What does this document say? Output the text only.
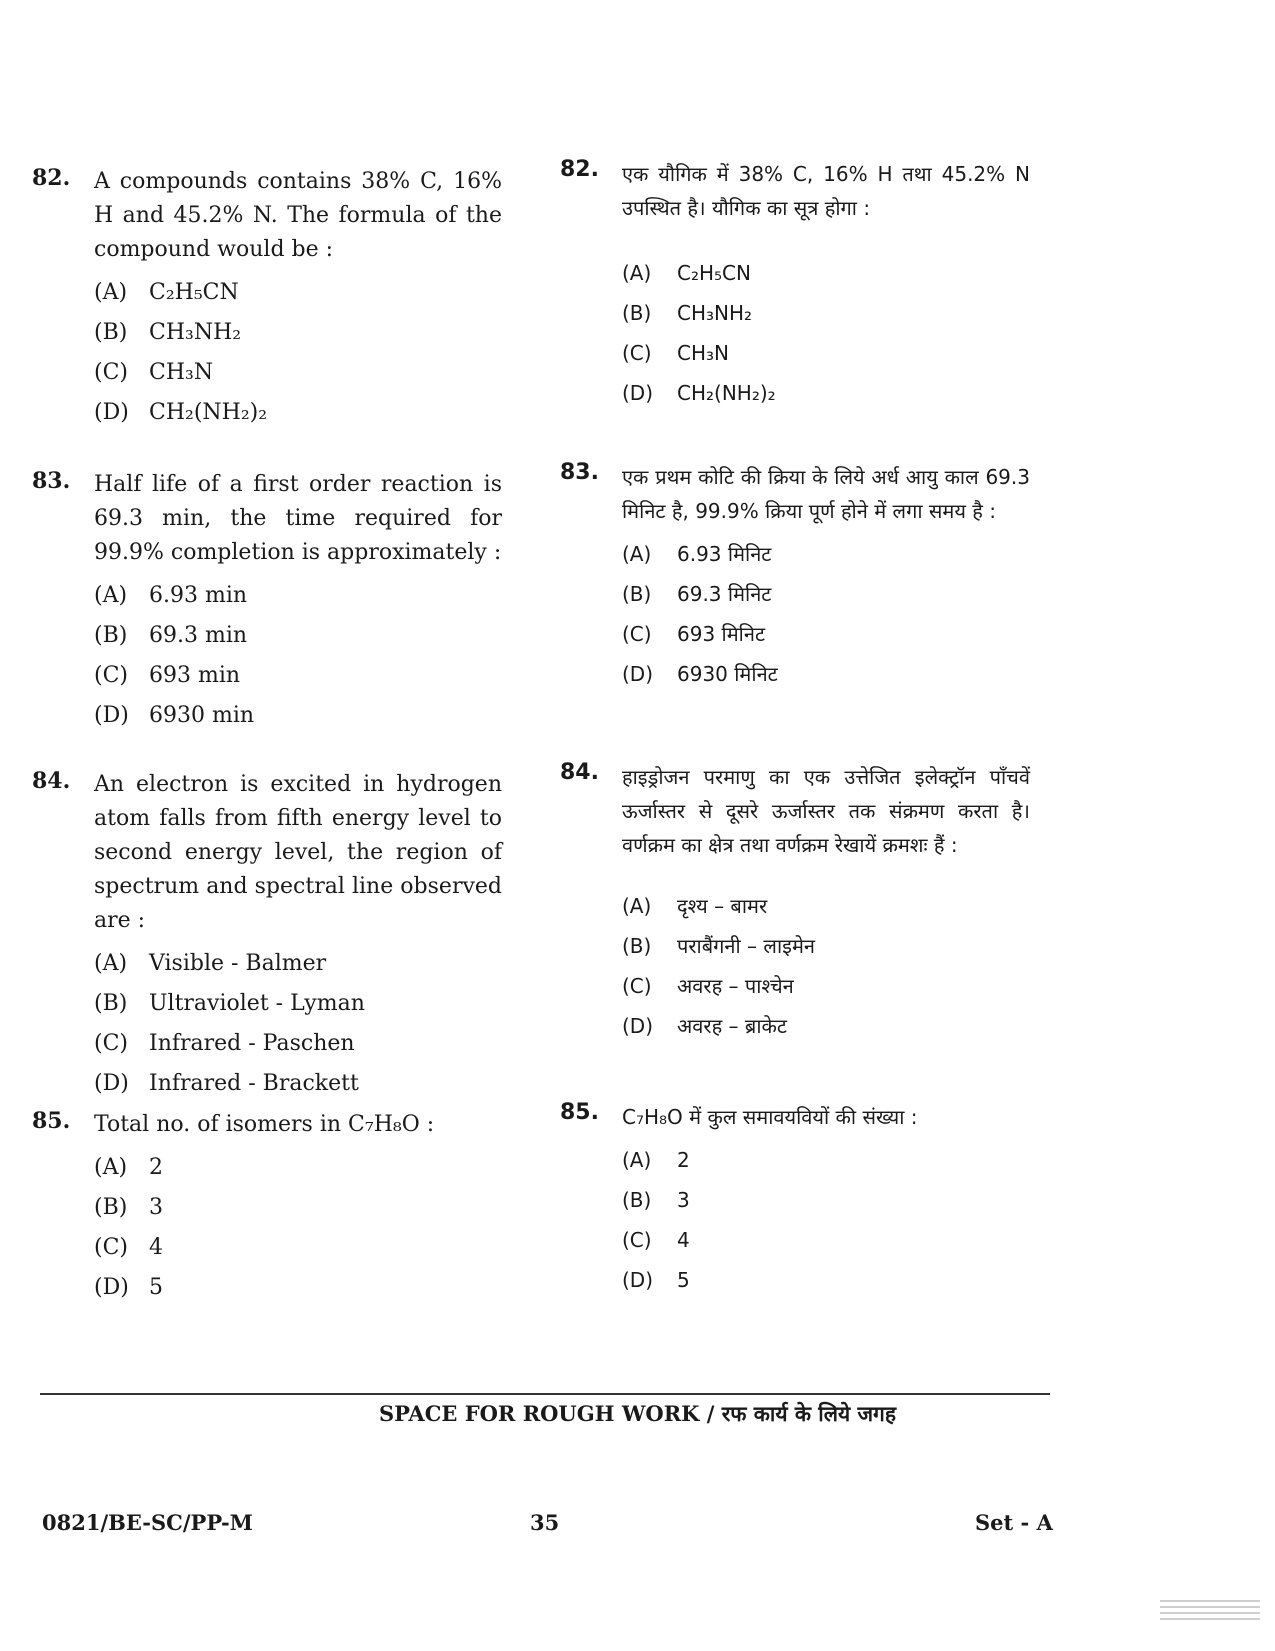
82. A compounds contains 38% C, 16% H and 45.2% N. The formula of the compound would be :
(A) C₂H₅CN
(B) CH₃NH₂
(C) CH₃N
(D) CH₂(NH₂)₂
83. Half life of a first order reaction is 69.3 min, the time required for 99.9% completion is approximately :
(A) 6.93 min
(B) 69.3 min
(C) 693 min
(D) 6930 min
84. An electron is excited in hydrogen atom falls from fifth energy level to second energy level, the region of spectrum and spectral line observed are :
(A) Visible - Balmer
(B) Ultraviolet - Lyman
(C) Infrared - Paschen
(D) Infrared - Brackett
85. Total no. of isomers in C₇H₈O :
(A) 2
(B) 3
(C) 4
(D) 5
82. एक यौगिक में 38% C, 16% H तथा 45.2% N उपस्थित है। यौगिक का सूत्र होगा :
(A) C₂H₅CN
(B) CH₃NH₂
(C) CH₃N
(D) CH₂(NH₂)₂
83. एक प्रथम कोटि की क्रिया के लिये अर्ध आयु काल 69.3 मिनिट है, 99.9% क्रिया पूर्ण होने में लगा समय है :
(A) 6.93 मिनिट
(B) 69.3 मिनिट
(C) 693 मिनिट
(D) 6930 मिनिट
84. हाइड्रोजन परमाणु का एक उत्तेजित इलेक्ट्रॉन पाँचवें ऊर्जास्तर से दूसरे ऊर्जास्तर तक संक्रमण करता है। वर्णक्रम का क्षेत्र तथा वर्णक्रम रेखायें क्रमशः हैं :
(A) दृश्य – बामर
(B) पराबैंगनी – लाइमेन
(C) अवरह – पाश्चेन
(D) अवरह – ब्राकेट
85. C₇H₈O में कुल समावयवियों की संख्या :
(A) 2
(B) 3
(C) 4
(D) 5
SPACE FOR ROUGH WORK / रफ कार्य के लिये जगह
0821/BE-SC/PP-M	35	Set - A
